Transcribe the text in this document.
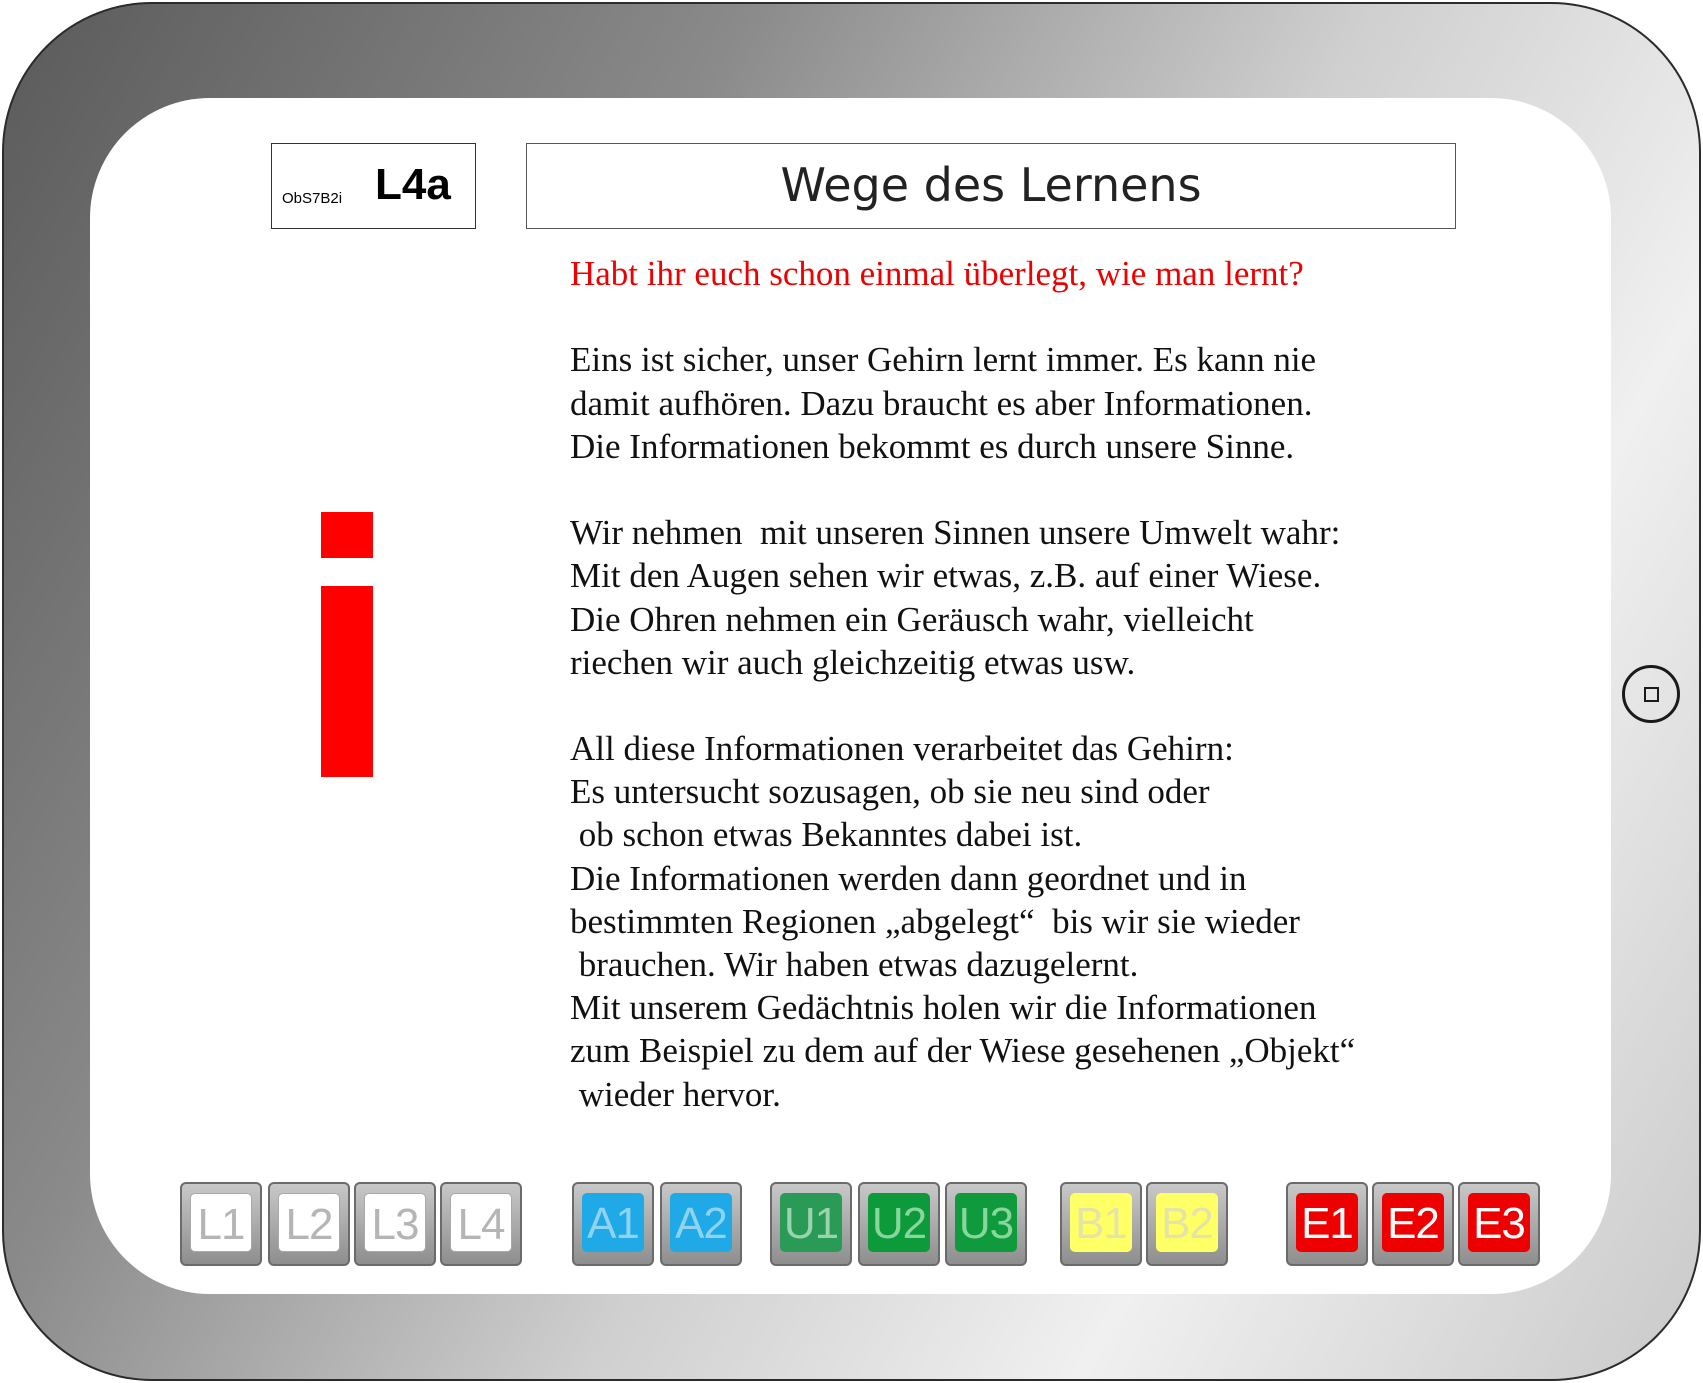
ObS7B2i L4a	Wege des Lernens
Habt ihr euch schon einmal überlegt, wie man lernt?
Eins ist sicher, unser Gehirn lernt immer. Es kann nie
damit aufhören. Dazu braucht es aber Informationen.
Die Informationen bekommt es durch unsere Sinne.
Wir nehmen  mit unseren Sinnen unsere Umwelt wahr:
Mit den Augen sehen wir etwas, z.B. auf einer Wiese.
Die Ohren nehmen ein Geräusch wahr, vielleicht
riechen wir auch gleichzeitig etwas usw.
All diese Informationen verarbeitet das Gehirn:
Es untersucht sozusagen, ob sie neu sind oder
ob schon etwas Bekanntes dabei ist.
Die Informationen werden dann geordnet und in
bestimmten Regionen „abgelegt“  bis wir sie wieder
brauchen. Wir haben etwas dazugelernt.
Mit unserem Gedächtnis holen wir die Informationen
zum Beispiel zu dem auf der Wiese gesehenen „Objekt“
wieder hervor.
L1 L2 L3 L4 A1 A2 U1 U2 U3 B1 B2 E1 E2 E3
